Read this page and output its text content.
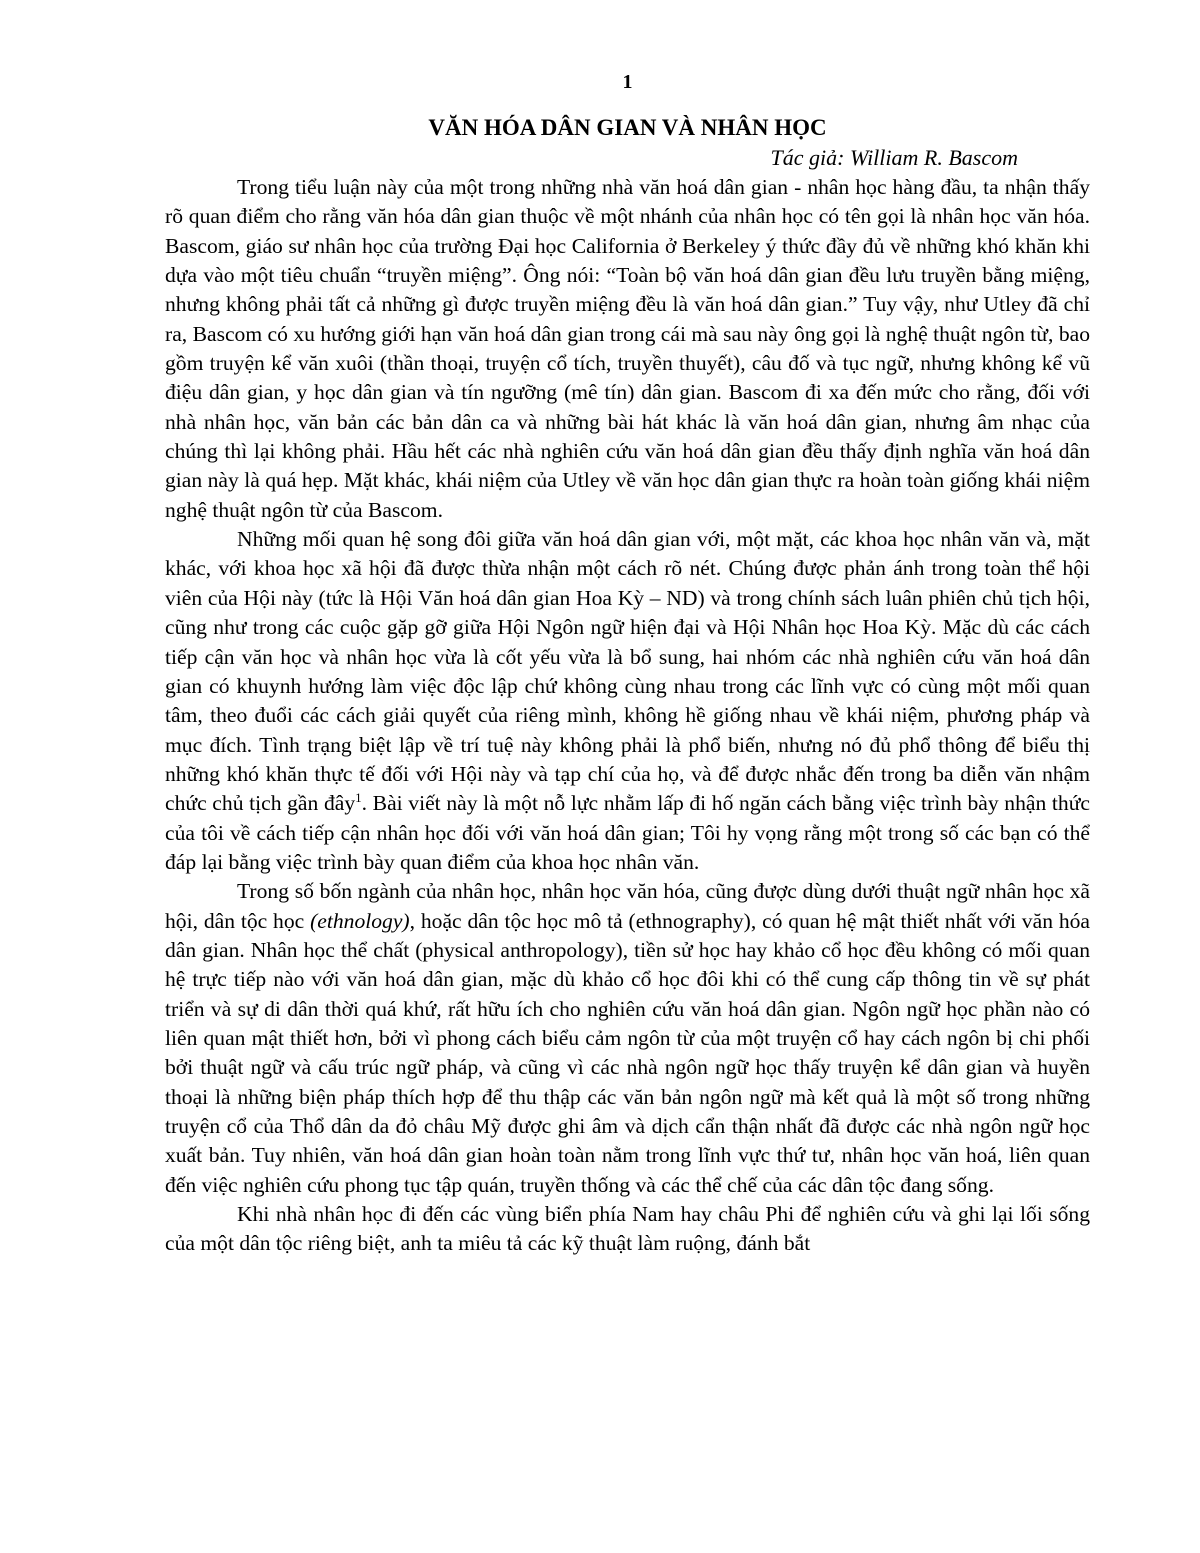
1
VĂN HÓA DÂN GIAN VÀ NHÂN HỌC
Tác giả: William R. Bascom

Trong tiểu luận này của một trong những nhà văn hoá dân gian - nhân học hàng đầu, ta nhận thấy rõ quan điểm cho rằng văn hóa dân gian thuộc về một nhánh của nhân học có tên gọi là nhân học văn hóa. Bascom, giáo sư nhân học của trường Đại học California ở Berkeley ý thức đầy đủ về những khó khăn khi dựa vào một tiêu chuẩn “truyền miệng”. Ông nói: “Toàn bộ văn hoá dân gian đều lưu truyền bằng miệng, nhưng không phải tất cả những gì được truyền miệng đều là văn hoá dân gian.” Tuy vậy, như Utley đã chỉ ra, Bascom có xu hướng giới hạn văn hoá dân gian trong cái mà sau này ông gọi là nghệ thuật ngôn từ, bao gồm truyện kể văn xuôi (thần thoại, truyện cổ tích, truyền thuyết), câu đố và tục ngữ, nhưng không kể vũ điệu dân gian, y học dân gian và tín ngưỡng (mê tín) dân gian. Bascom đi xa đến mức cho rằng, đối với nhà nhân học, văn bản các bản dân ca và những bài hát khác là văn hoá dân gian, nhưng âm nhạc của chúng thì lại không phải. Hầu hết các nhà nghiên cứu văn hoá dân gian đều thấy định nghĩa văn hoá dân gian này là quá hẹp. Mặt khác, khái niệm của Utley về văn học dân gian thực ra hoàn toàn giống khái niệm nghệ thuật ngôn từ của Bascom.

Những mối quan hệ song đôi giữa văn hoá dân gian với, một mặt, các khoa học nhân văn và, mặt khác, với khoa học xã hội đã được thừa nhận một cách rõ nét. Chúng được phản ánh trong toàn thể hội viên của Hội này (tức là Hội Văn hoá dân gian Hoa Kỳ – ND) và trong chính sách luân phiên chủ tịch hội, cũng như trong các cuộc gặp gỡ giữa Hội Ngôn ngữ hiện đại và Hội Nhân học Hoa Kỳ. Mặc dù các cách tiếp cận văn học và nhân học vừa là cốt yếu vừa là bổ sung, hai nhóm các nhà nghiên cứu văn hoá dân gian có khuynh hướng làm việc độc lập chứ không cùng nhau trong các lĩnh vực có cùng một mối quan tâm, theo đuổi các cách giải quyết của riêng mình, không hề giống nhau về khái niệm, phương pháp và mục đích. Tình trạng biệt lập về trí tuệ này không phải là phổ biến, nhưng nó đủ phổ thông để biểu thị những khó khăn thực tế đối với Hội này và tạp chí của họ, và để được nhắc đến trong ba diễn văn nhậm chức chủ tịch gần đây$^1$. Bài viết này là một nỗ lực nhằm lấp đi hố ngăn cách bằng việc trình bày nhận thức của tôi về cách tiếp cận nhân học đối với văn hoá dân gian; Tôi hy vọng rằng một trong số các bạn có thể đáp lại bằng việc trình bày quan điểm của khoa học nhân văn.

Trong số bốn ngành của nhân học, nhân học văn hóa, cũng được dùng dưới thuật ngữ nhân học xã hội, dân tộc học (ethnology), hoặc dân tộc học mô tả (ethnography), có quan hệ mật thiết nhất với văn hóa dân gian. Nhân học thể chất (physical anthropology), tiền sử học hay khảo cổ học đều không có mối quan hệ trực tiếp nào với văn hoá dân gian, mặc dù khảo cổ học đôi khi có thể cung cấp thông tin về sự phát triển và sự di dân thời quá khứ, rất hữu ích cho nghiên cứu văn hoá dân gian. Ngôn ngữ học phần nào có liên quan mật thiết hơn, bởi vì phong cách biểu cảm ngôn từ của một truyện cổ hay cách ngôn bị chi phối bởi thuật ngữ và cấu trúc ngữ pháp, và cũng vì các nhà ngôn ngữ học thấy truyện kể dân gian và huyền thoại là những biện pháp thích hợp để thu thập các văn bản ngôn ngữ mà kết quả là một số trong những truyện cổ của Thổ dân da đỏ châu Mỹ được ghi âm và dịch cẩn thận nhất đã được các nhà ngôn ngữ học xuất bản. Tuy nhiên, văn hoá dân gian hoàn toàn nằm trong lĩnh vực thứ tư, nhân học văn hoá, liên quan đến việc nghiên cứu phong tục tập quán, truyền thống và các thể chế của các dân tộc đang sống.

Khi nhà nhân học đi đến các vùng biển phía Nam hay châu Phi để nghiên cứu và ghi lại lối sống của một dân tộc riêng biệt, anh ta miêu tả các kỹ thuật làm ruộng, đánh bắt
